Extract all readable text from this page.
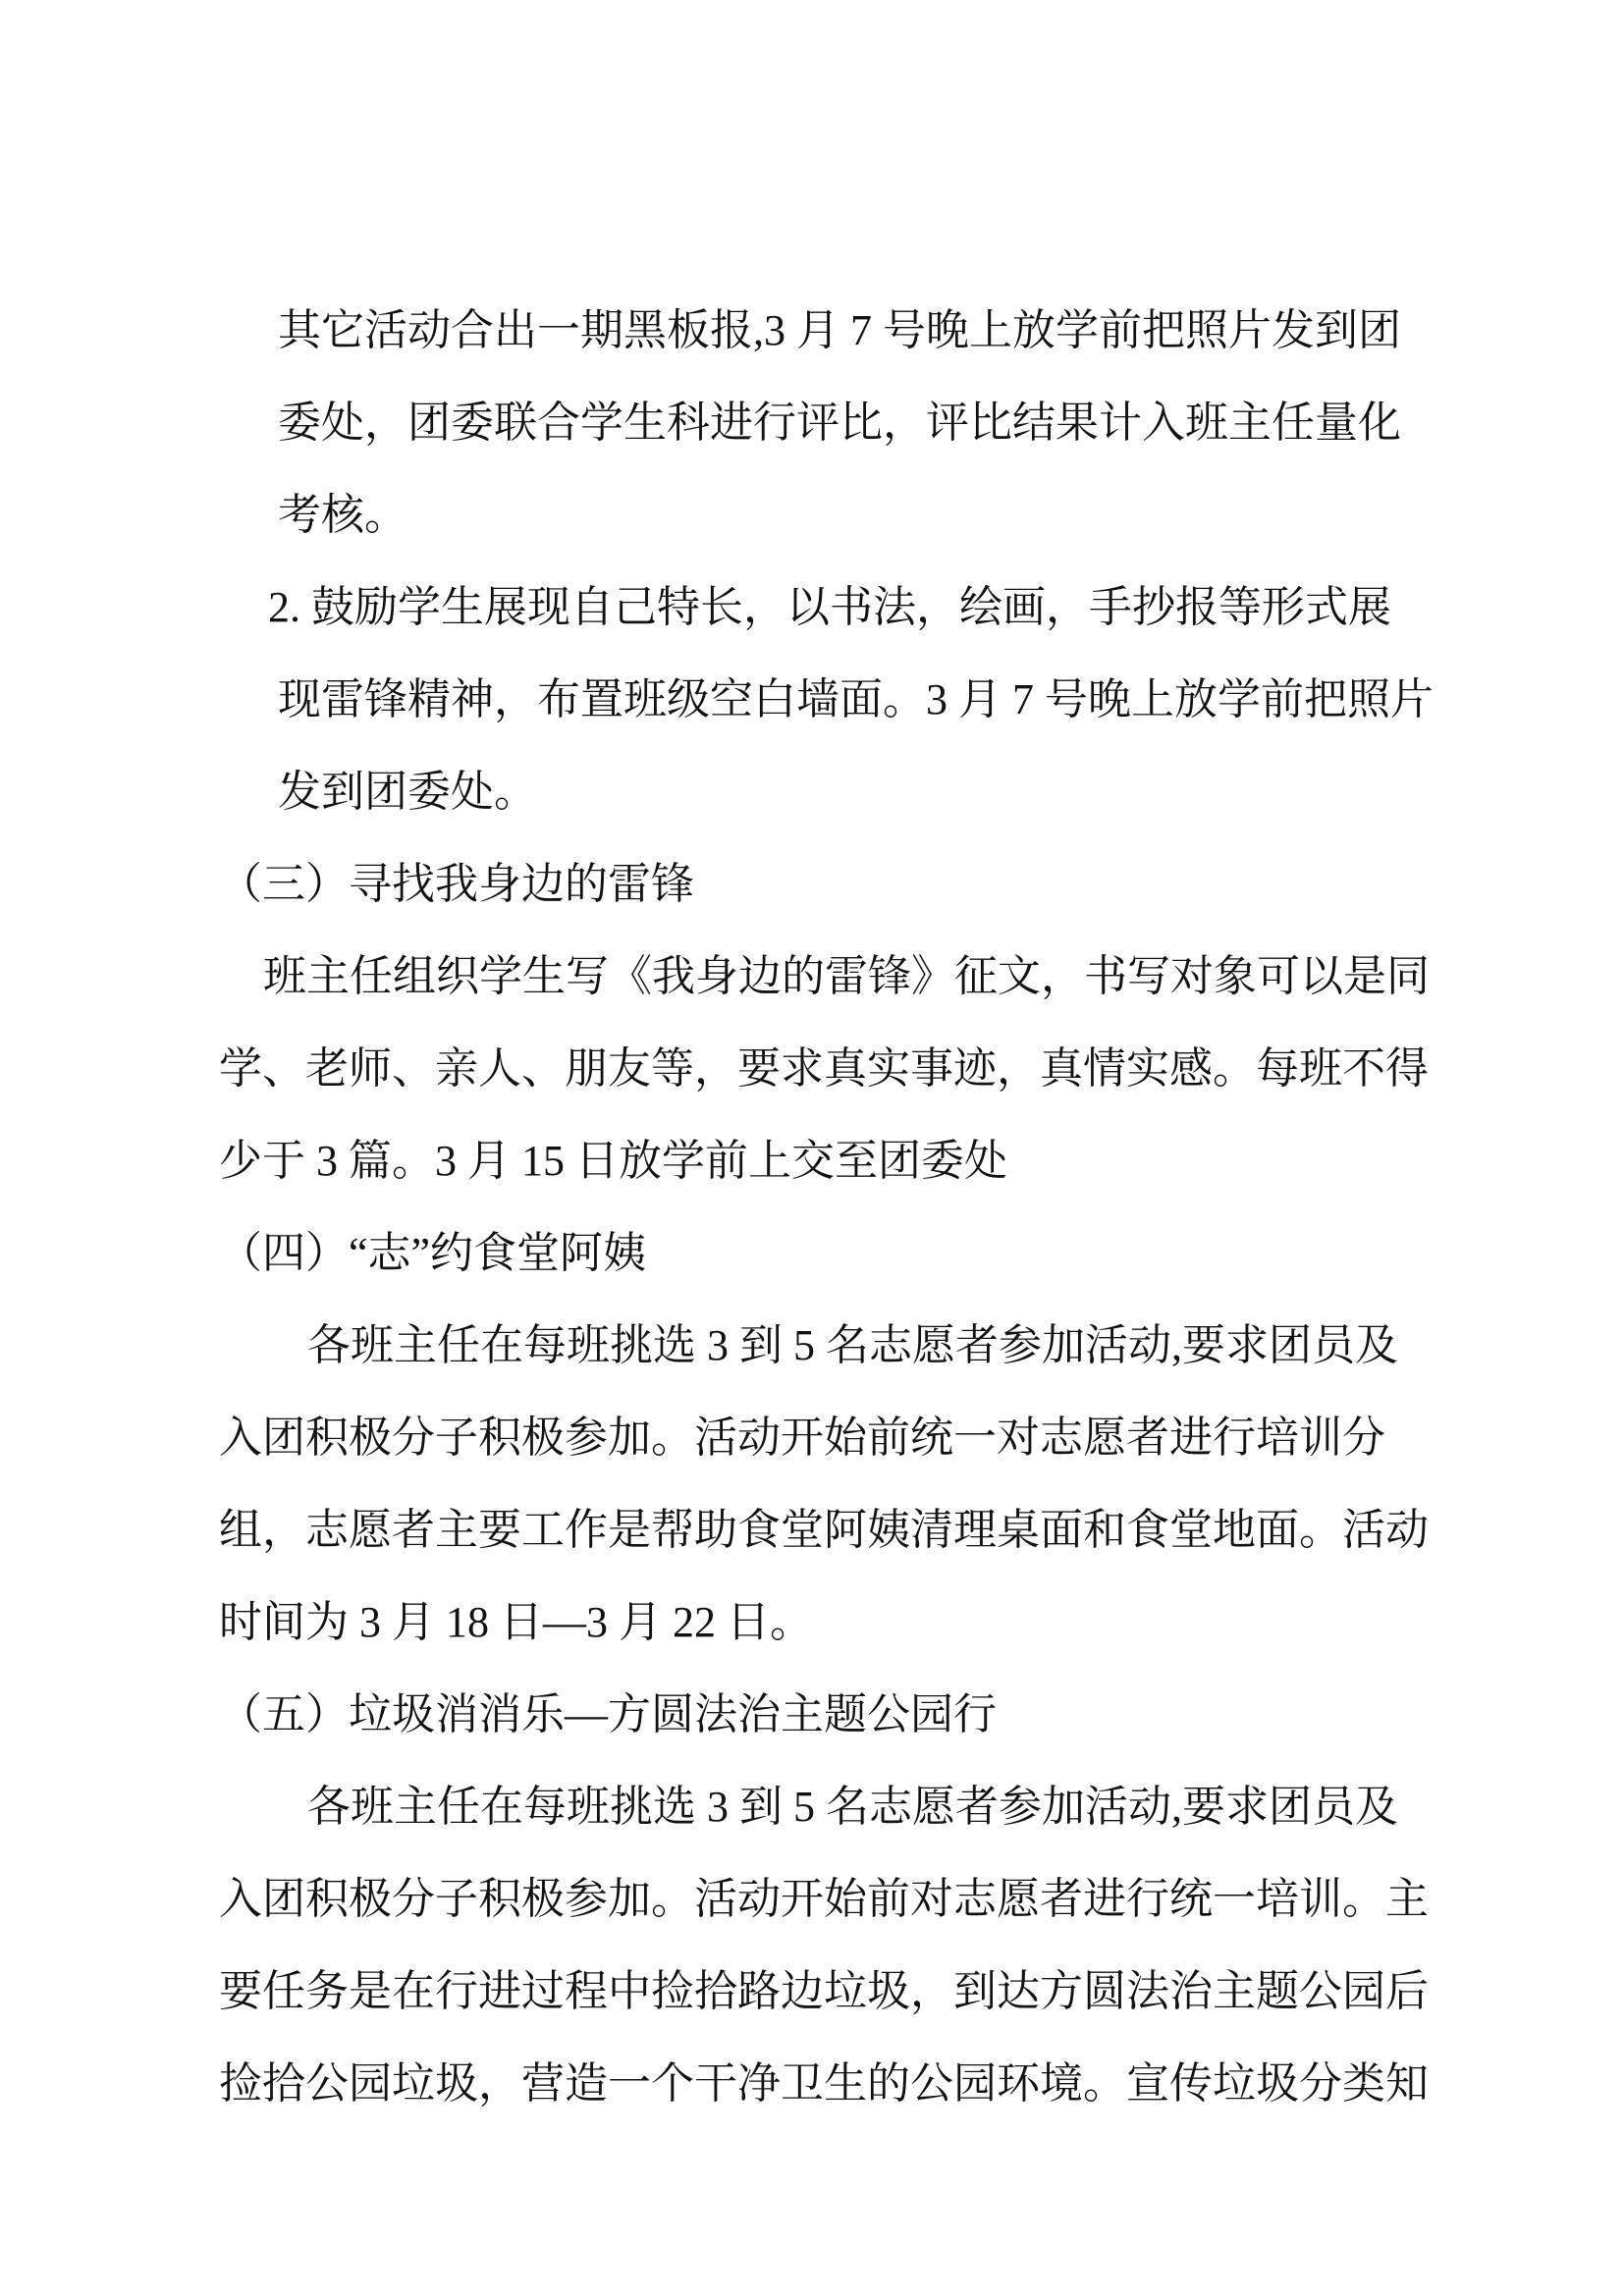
其它活动合出一期黑板报,3 月 7 号晚上放学前把照片发到团
委处，团委联合学生科进行评比，评比结果计入班主任量化
考核。
2. 鼓励学生展现自己特长，以书法，绘画，手抄报等形式展
现雷锋精神，布置班级空白墙面。3 月 7 号晚上放学前把照片
发到团委处。
（三）寻找我身边的雷锋
班主任组织学生写《我身边的雷锋》征文，书写对象可以是同
学、老师、亲人、朋友等，要求真实事迹，真情实感。每班不得
少于 3 篇。3 月 15 日放学前上交至团委处
（四）“志”约食堂阿姨
各班主任在每班挑选 3 到 5 名志愿者参加活动,要求团员及
入团积极分子积极参加。活动开始前统一对志愿者进行培训分
组，志愿者主要工作是帮助食堂阿姨清理桌面和食堂地面。活动
时间为 3 月 18 日—3 月 22 日。
（五）垃圾消消乐—方圆法治主题公园行
各班主任在每班挑选 3 到 5 名志愿者参加活动,要求团员及
入团积极分子积极参加。活动开始前对志愿者进行统一培训。主
要任务是在行进过程中捡拾路边垃圾，到达方圆法治主题公园后
捡拾公园垃圾，营造一个干净卫生的公园环境。宣传垃圾分类知
